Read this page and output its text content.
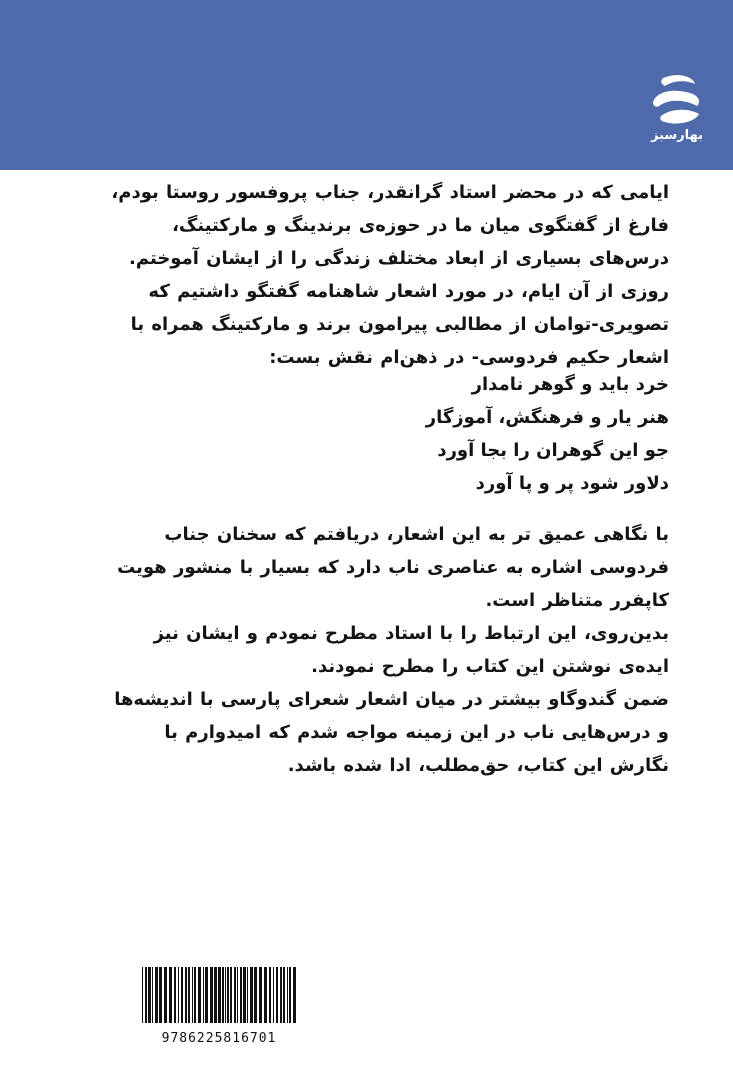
بهارسبز

ایامی که در محضر استاد گرانقدر، جناب پروفسور روستا بودم،

فارغ از گفتگوی میان ما در حوزه‌ی برندینگ و مارکتینگ،

درس‌های بسیاری از ابعاد مختلف زندگی را از ایشان آموختم.

روزی از آن ایام، در مورد اشعار شاهنامه گفتگو داشتیم که

تصویری-توامان از مطالبی پیرامون برند و مارکتینگ همراه با

اشعار حکیم فردوسی- در ذهن‌ام نقش بست:

خرد باید و گوهر نامدار
هنر یار و فرهنگش، آموزگار
جو این گوهران را بجا آورد
دلاور شود پر و پا آورد

با نگاهی عمیق تر به این اشعار، دریافتم که سخنان جناب

فردوسی اشاره به عناصری ناب دارد که بسیار با منشور هویت

کاپفرر متناظر است.

بدین‌روی، این ارتباط را با استاد مطرح نمودم و ایشان نیز

ایده‌ی نوشتن این کتاب را مطرح نمودند.

ضمن گندوگاو بیشتر در میان اشعار شعرای پارسی با اندیشه‌ها

و درس‌هایی ناب در این زمینه مواجه شدم که امیدوارم با

نگارش این کتاب، حق‌مطلب، ادا شده باشد.

9786225816701
